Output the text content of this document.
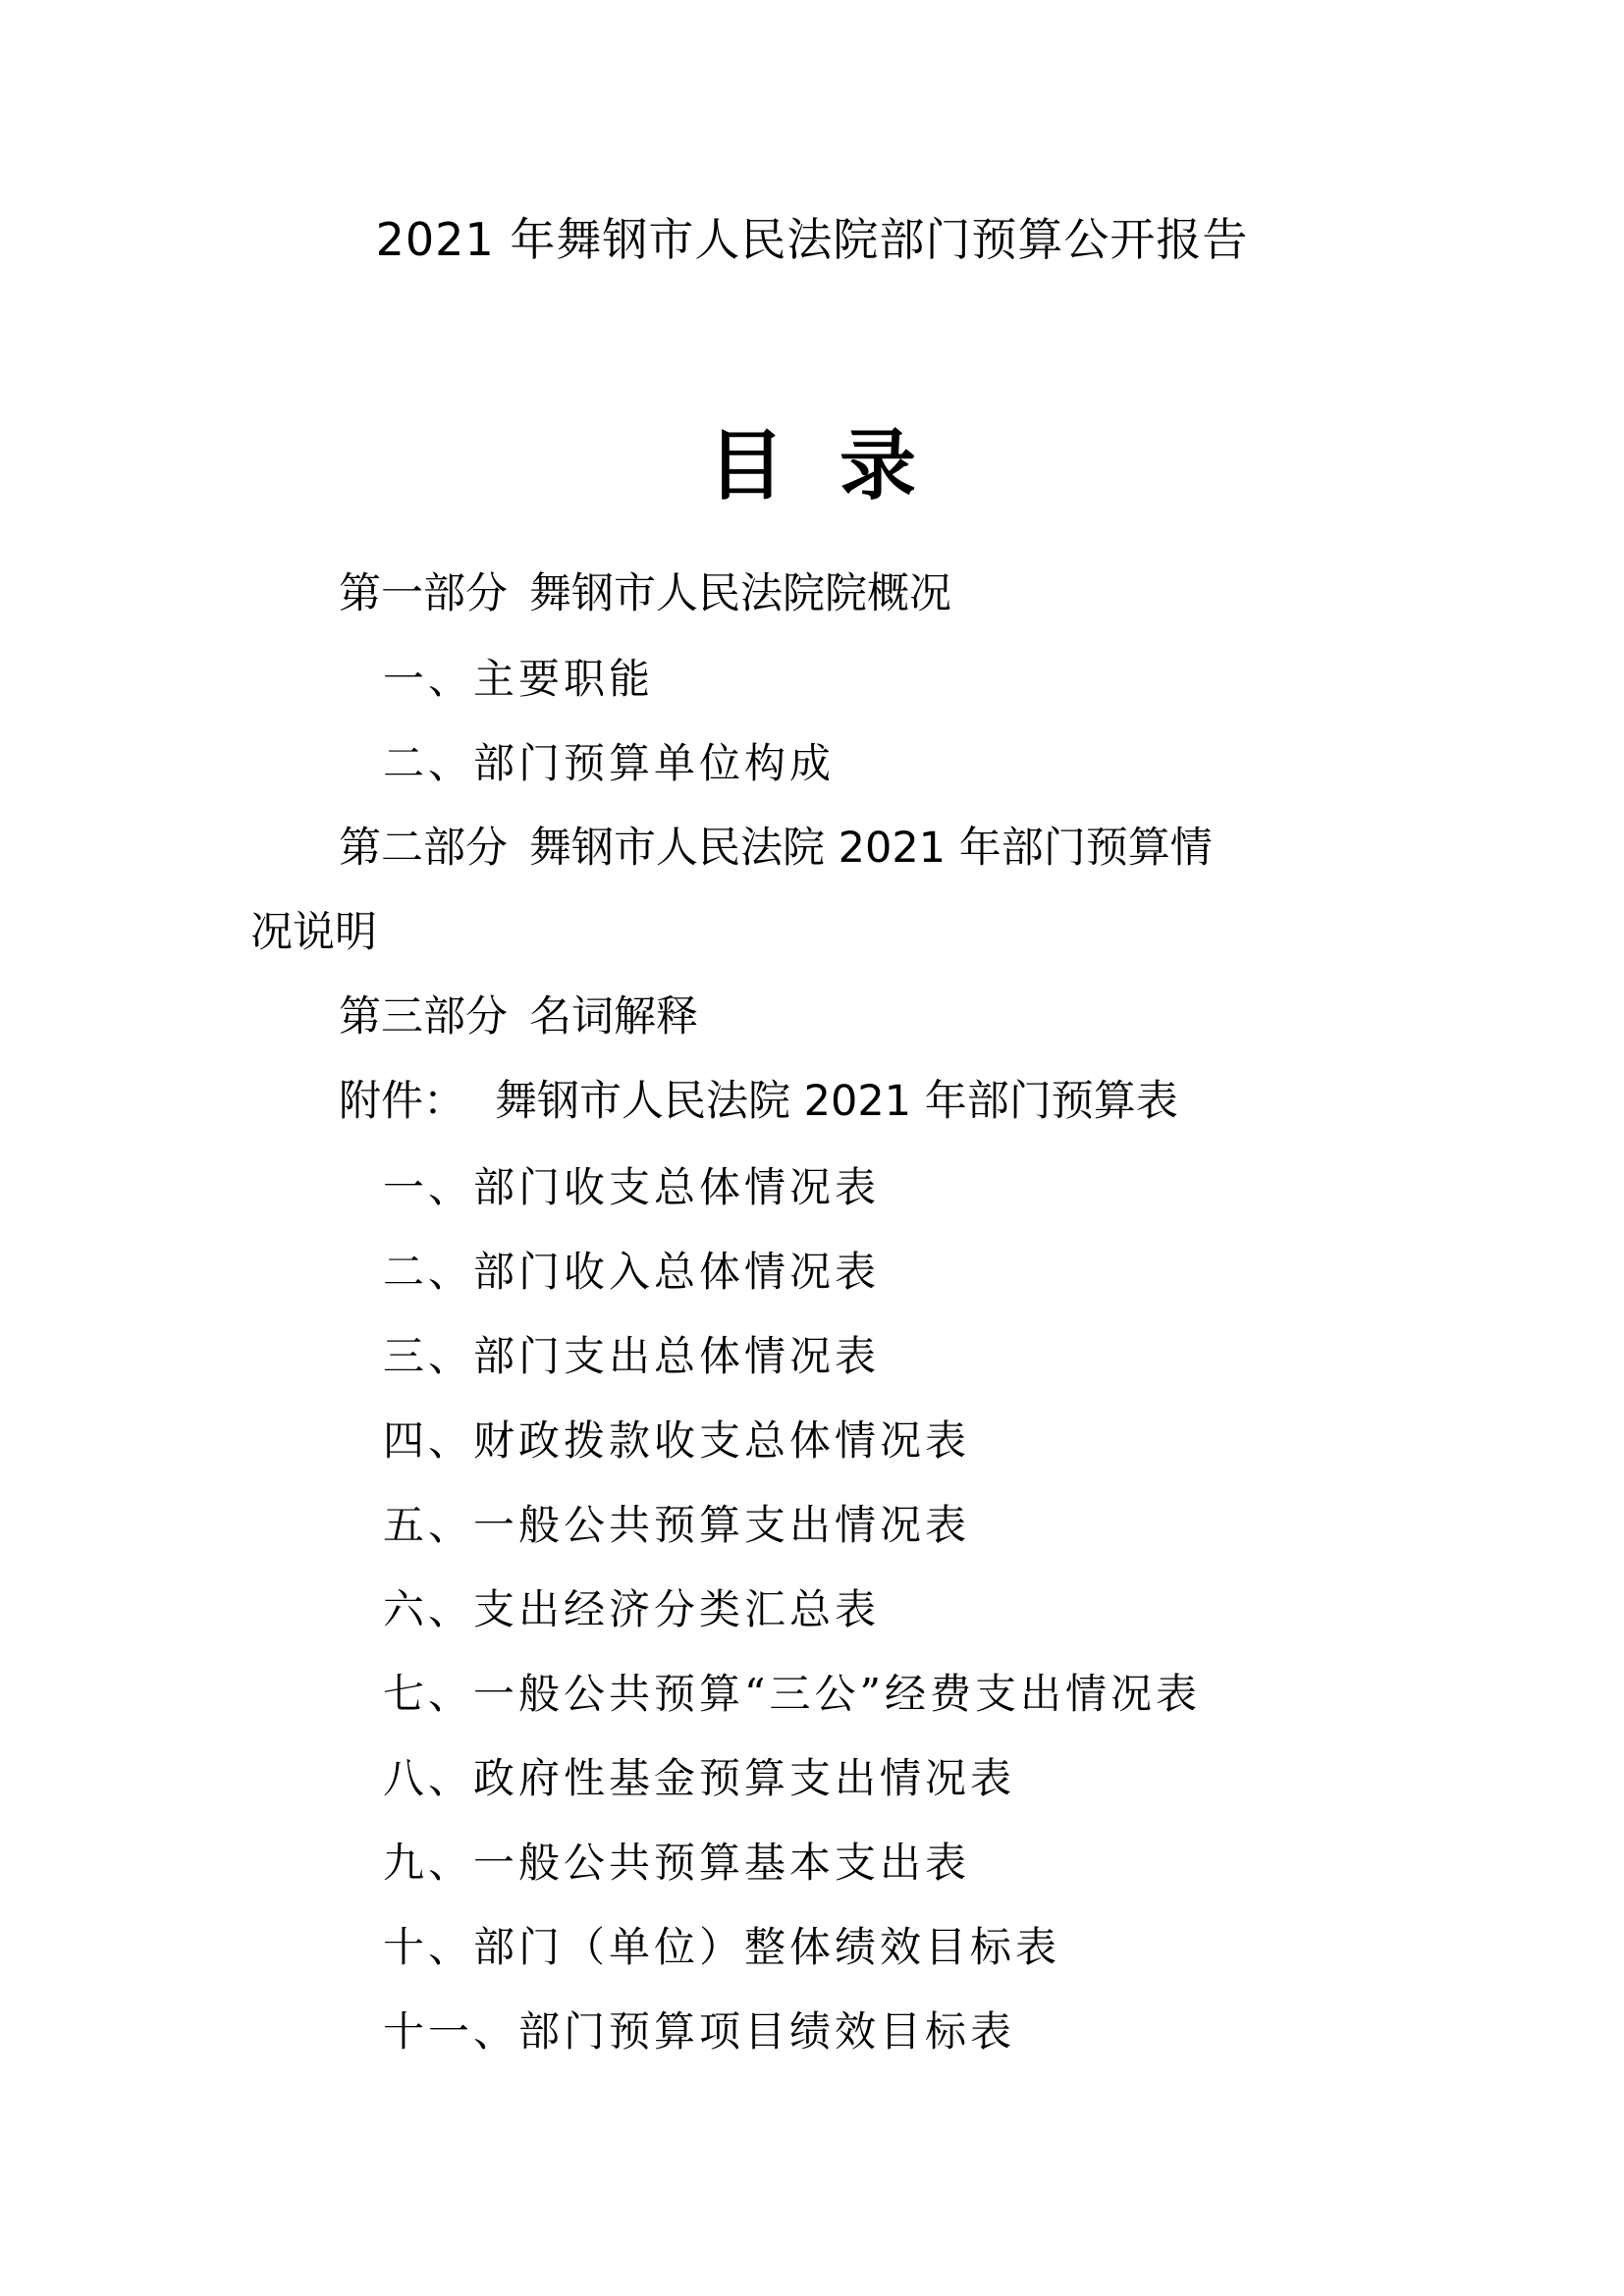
2021 年舞钢市人民法院部门预算公开报告
目 录
第一部分 舞钢市人民法院院概况
一、主要职能
二、部门预算单位构成
第二部分 舞钢市人民法院 2021 年部门预算情
况说明
第三部分 名词解释
附件： 舞钢市人民法院 2021 年部门预算表
一、部门收支总体情况表
二、部门收入总体情况表
三、部门支出总体情况表
四、财政拨款收支总体情况表
五、一般公共预算支出情况表
六、支出经济分类汇总表
七、一般公共预算“三公”经费支出情况表
八、政府性基金预算支出情况表
九、一般公共预算基本支出表
十、部门（单位）整体绩效目标表
十一、部门预算项目绩效目标表
